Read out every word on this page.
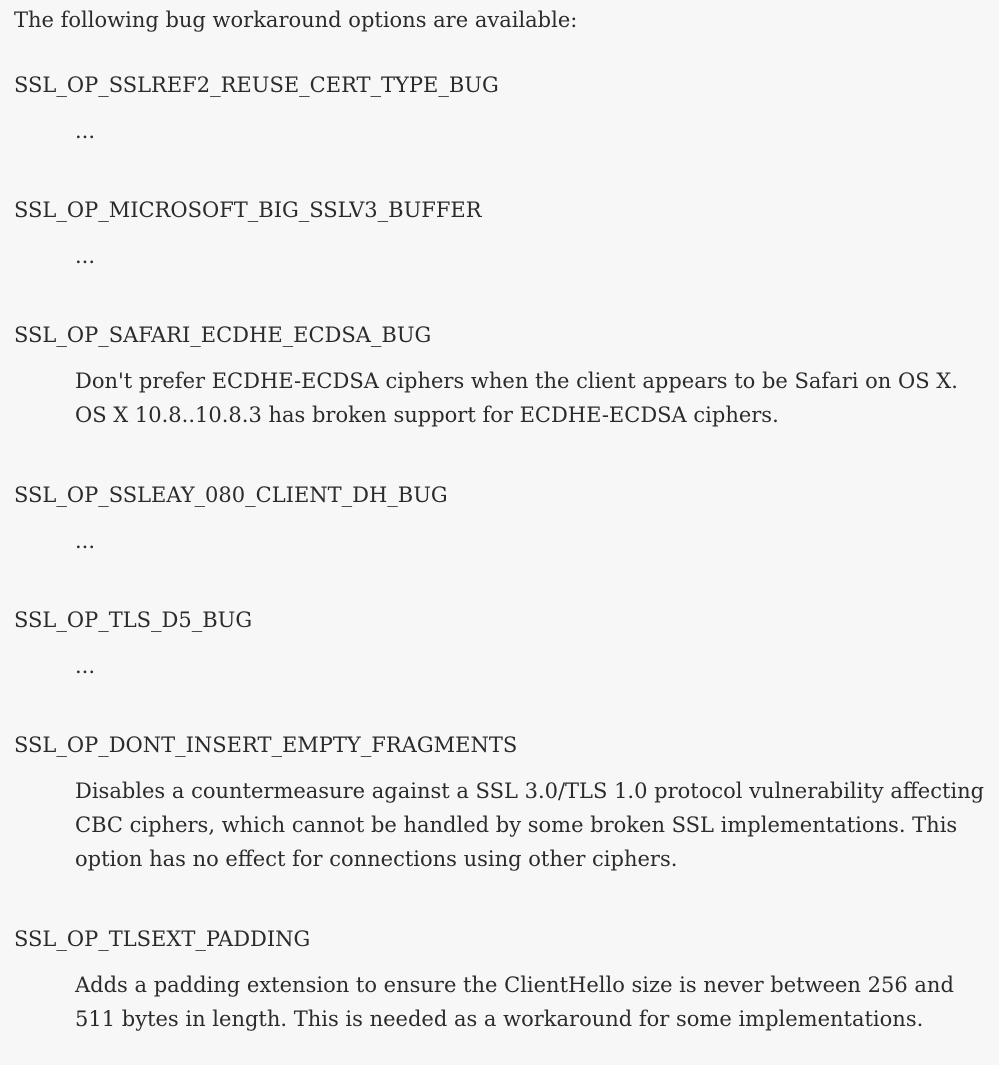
The following bug workaround options are available:

SSL_OP_SSLREF2_REUSE_CERT_TYPE_BUG
...
SSL_OP_MICROSOFT_BIG_SSLV3_BUFFER
...
SSL_OP_SAFARI_ECDHE_ECDSA_BUG
Don't prefer ECDHE-ECDSA ciphers when the client appears to be Safari on OS X. OS X 10.8..10.8.3 has broken support for ECDHE-ECDSA ciphers.
SSL_OP_SSLEAY_080_CLIENT_DH_BUG
...
SSL_OP_TLS_D5_BUG
...
SSL_OP_DONT_INSERT_EMPTY_FRAGMENTS
Disables a countermeasure against a SSL 3.0/TLS 1.0 protocol vulnerability affecting CBC ciphers, which cannot be handled by some broken SSL implementations. This option has no effect for connections using other ciphers.
SSL_OP_TLSEXT_PADDING
Adds a padding extension to ensure the ClientHello size is never between 256 and 511 bytes in length. This is needed as a workaround for some implementations.
